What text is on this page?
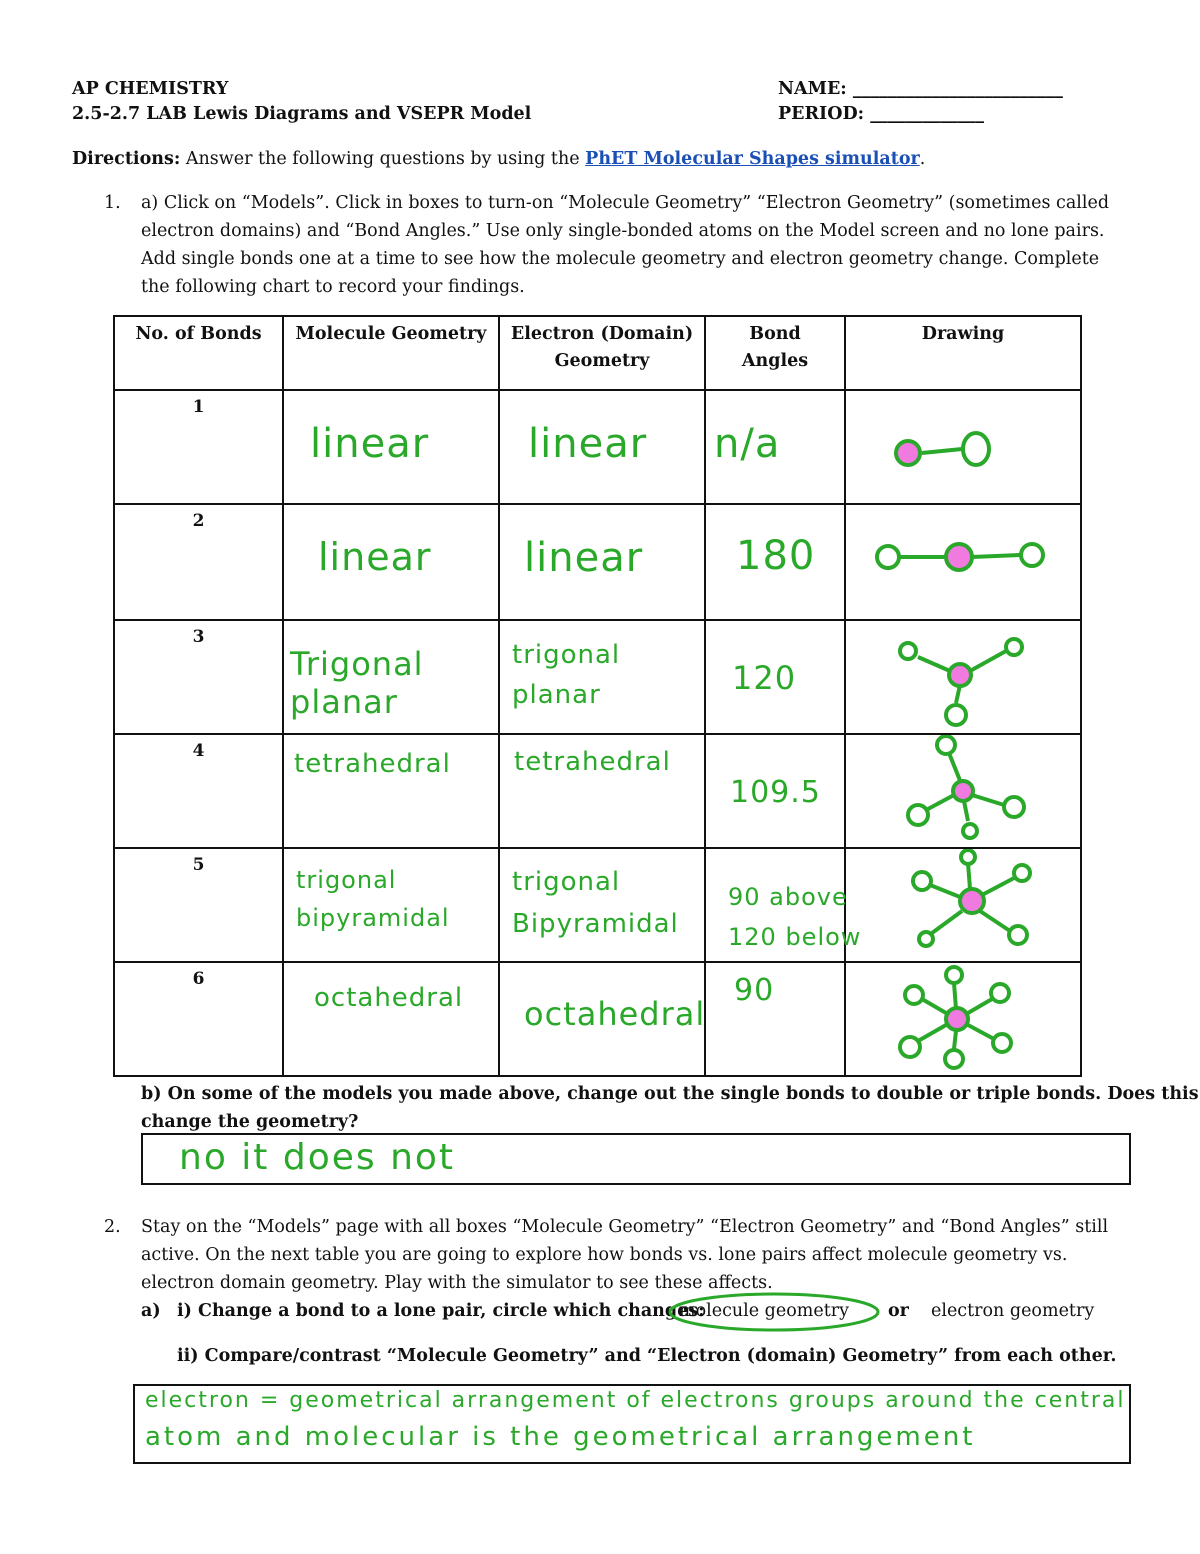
AP CHEMISTRY
2.5-2.7 LAB Lewis Diagrams and VSEPR Model
NAME: ________________________
PERIOD: _____________
Directions: Answer the following questions by using the PhET Molecular Shapes simulator.
1. a) Click on “Models”. Click in boxes to turn-on “Molecule Geometry” “Electron Geometry” (sometimes called
electron domains) and “Bond Angles.” Use only single-bonded atoms on the Model screen and no lone pairs.
Add single bonds one at a time to see how the molecule geometry and electron geometry change. Complete
the following chart to record your findings.
No. of Bonds	Molecule Geometry	Electron (Domain)
Geometry	Bond
Angles	Drawing
1	linear	linear	n/a

2	linear	linear	180

3	Trigonal
planar	trigonal
planar	120

4	tetrahedral	tetrahedral	109.5

5	trigonal
bipyramidal	trigonal
Bipyramidal	90 above
120 below

6	octahedral	octahedral	90

b) On some of the models you made above, change out the single bonds to double or triple bonds. Does this
change the geometry?
no it does not
2. Stay on the “Models” page with all boxes “Molecule Geometry” “Electron Geometry” and “Bond Angles” still
active. On the next table you are going to explore how bonds vs. lone pairs affect molecule geometry vs.
electron domain geometry. Play with the simulator to see these affects.
a) i) Change a bond to a lone pair, circle which changes:
molecule geometry or electron geometry
ii) Compare/contrast “Molecule Geometry” and “Electron (domain) Geometry” from each other.
electron = geometrical arrangement of electrons groups around the central
atom and molecular is the geometrical arrangement
